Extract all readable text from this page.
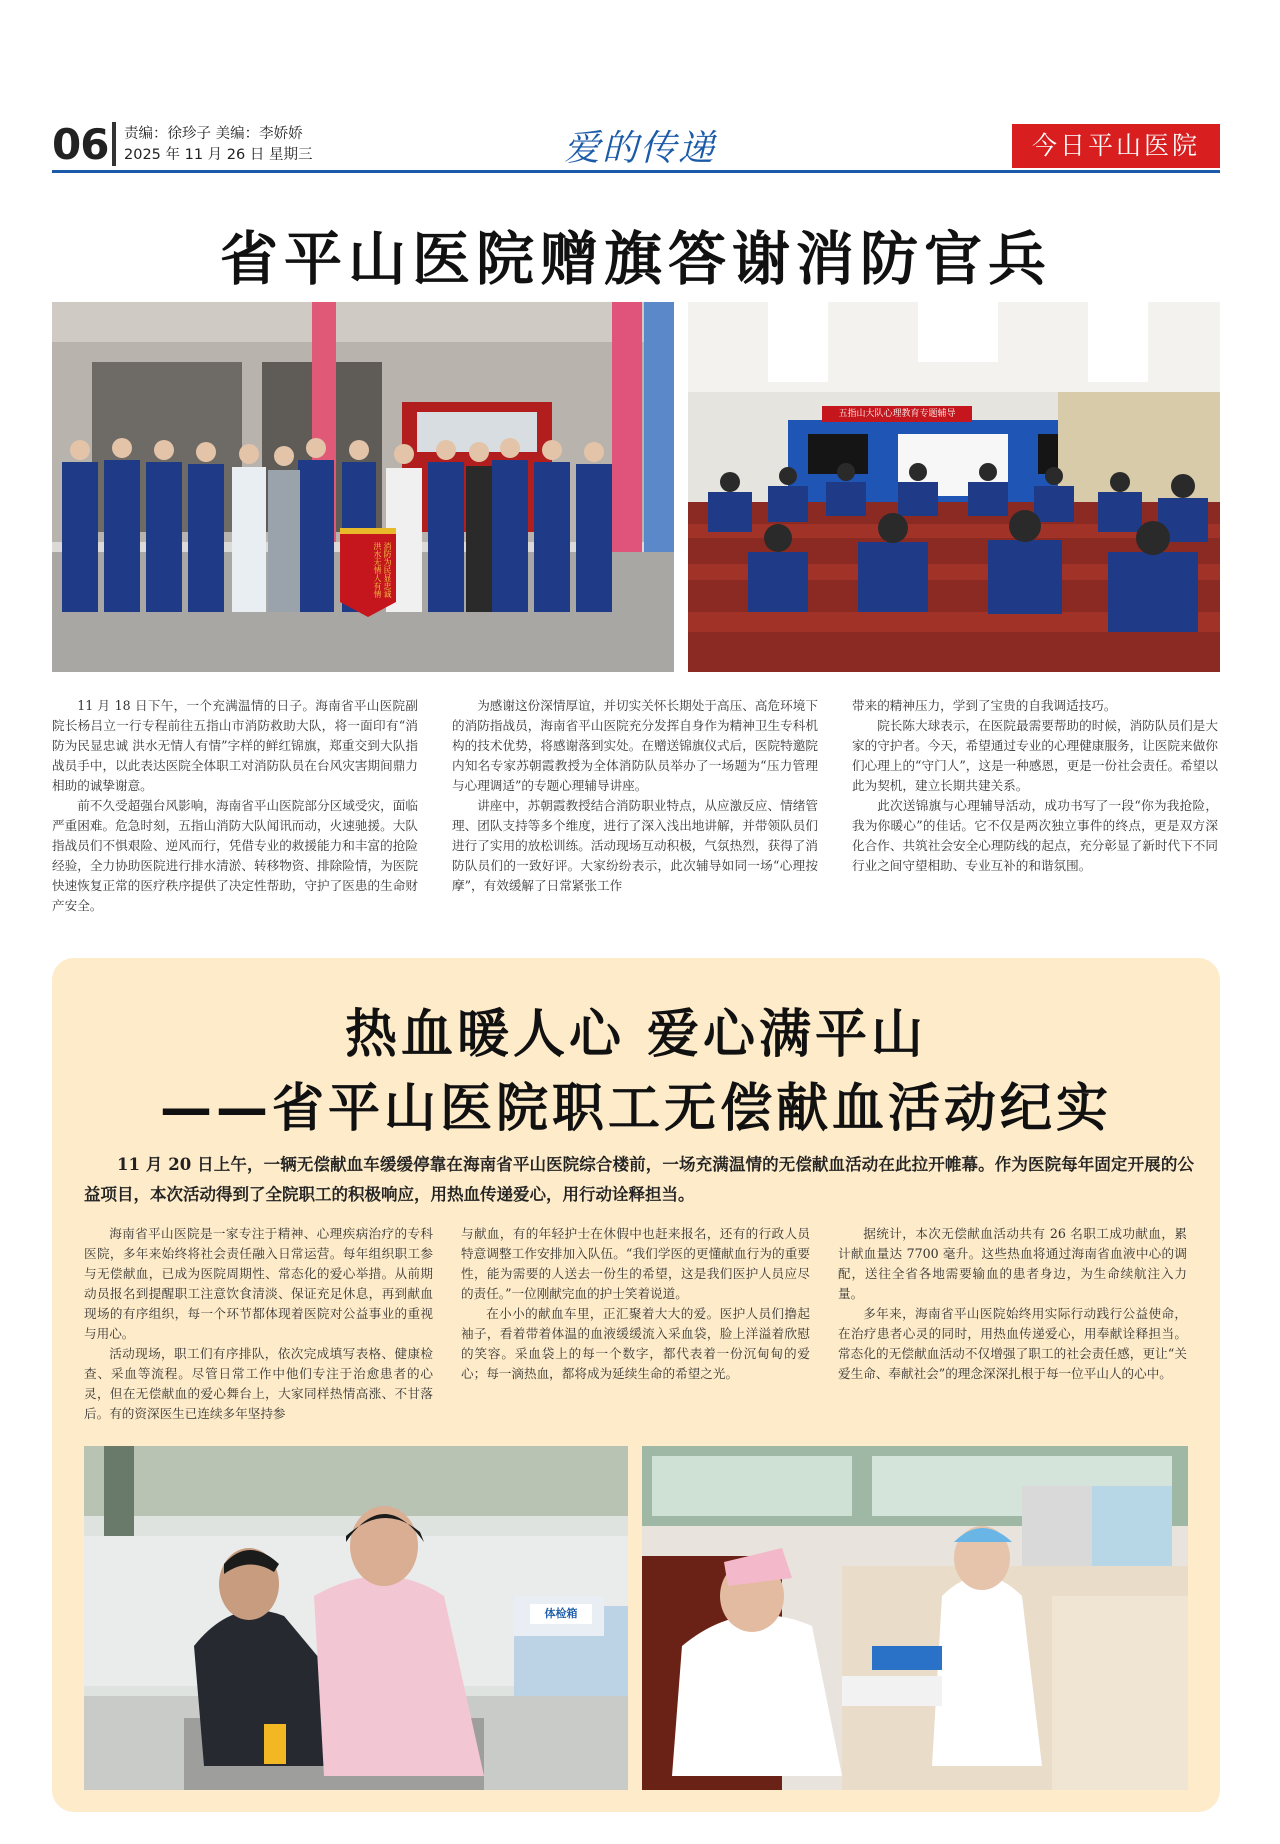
06 责编：徐珍子 美编：李娇娇
2025 年 11 月 26 日 星期三	爱的传递	今日平山医院
省平山医院赠旗答谢消防官兵
消防为民显忠诚 洪水无情人有情
五指山大队心理教育专题辅导

11 月 18 日下午，一个充满温情的日子。海南省平山医院副院长杨吕立一行专程前往五指山市消防救助大队，将一面印有“消防为民显忠诚 洪水无情人有情”字样的鲜红锦旗，郑重交到大队指战员手中，以此表达医院全体职工对消防队员在台风灾害期间鼎力相助的诚挚谢意。

前不久受超强台风影响，海南省平山医院部分区域受灾，面临严重困难。危急时刻，五指山消防大队闻讯而动，火速驰援。大队指战员们不惧艰险、逆风而行，凭借专业的救援能力和丰富的抢险经验，全力协助医院进行排水清淤、转移物资、排除险情，为医院快速恢复正常的医疗秩序提供了决定性帮助，守护了医患的生命财产安全。

为感谢这份深情厚谊，并切实关怀长期处于高压、高危环境下的消防指战员，海南省平山医院充分发挥自身作为精神卫生专科机构的技术优势，将感谢落到实处。在赠送锦旗仪式后，医院特邀院内知名专家苏朝霞教授为全体消防队员举办了一场题为“压力管理与心理调适”的专题心理辅导讲座。

讲座中，苏朝霞教授结合消防职业特点，从应激反应、情绪管理、团队支持等多个维度，进行了深入浅出地讲解，并带领队员们进行了实用的放松训练。活动现场互动积极，气氛热烈，获得了消防队员们的一致好评。大家纷纷表示，此次辅导如同一场“心理按摩”，有效缓解了日常紧张工作

带来的精神压力，学到了宝贵的自我调适技巧。

院长陈大球表示，在医院最需要帮助的时候，消防队员们是大家的守护者。今天，希望通过专业的心理健康服务，让医院来做你们心理上的“守门人”，这是一种感恩，更是一份社会责任。希望以此为契机，建立长期共建关系。

此次送锦旗与心理辅导活动，成功书写了一段“你为我抢险，我为你暖心”的佳话。它不仅是两次独立事件的终点，更是双方深化合作、共筑社会安全心理防线的起点，充分彰显了新时代下不同行业之间守望相助、专业互补的和谐氛围。

热血暖人心 爱心满平山
——省平山医院职工无偿献血活动纪实
11 月 20 日上午，一辆无偿献血车缓缓停靠在海南省平山医院综合楼前，一场充满温情的无偿献血活动在此拉开帷幕。作为医院每年固定开展的公益项目，本次活动得到了全院职工的积极响应，用热血传递爱心，用行动诠释担当。

海南省平山医院是一家专注于精神、心理疾病治疗的专科医院，多年来始终将社会责任融入日常运营。每年组织职工参与无偿献血，已成为医院周期性、常态化的爱心举措。从前期动员报名到提醒职工注意饮食清淡、保证充足休息，再到献血现场的有序组织，每一个环节都体现着医院对公益事业的重视与用心。

活动现场，职工们有序排队，依次完成填写表格、健康检查、采血等流程。尽管日常工作中他们专注于治愈患者的心灵，但在无偿献血的爱心舞台上，大家同样热情高涨、不甘落后。有的资深医生已连续多年坚持参

与献血，有的年轻护士在休假中也赶来报名，还有的行政人员特意调整工作安排加入队伍。“我们学医的更懂献血行为的重要性，能为需要的人送去一份生的希望，这是我们医护人员应尽的责任。”一位刚献完血的护士笑着说道。

在小小的献血车里，正汇聚着大大的爱。医护人员们撸起袖子，看着带着体温的血液缓缓流入采血袋，脸上洋溢着欣慰的笑容。采血袋上的每一个数字，都代表着一份沉甸甸的爱心；每一滴热血，都将成为延续生命的希望之光。

据统计，本次无偿献血活动共有 26 名职工成功献血，累计献血量达 7700 毫升。这些热血将通过海南省血液中心的调配，送往全省各地需要输血的患者身边，为生命续航注入力量。

多年来，海南省平山医院始终用实际行动践行公益使命，在治疗患者心灵的同时，用热血传递爱心，用奉献诠释担当。常态化的无偿献血活动不仅增强了职工的社会责任感，更让“关爱生命、奉献社会”的理念深深扎根于每一位平山人的心中。

体检箱
